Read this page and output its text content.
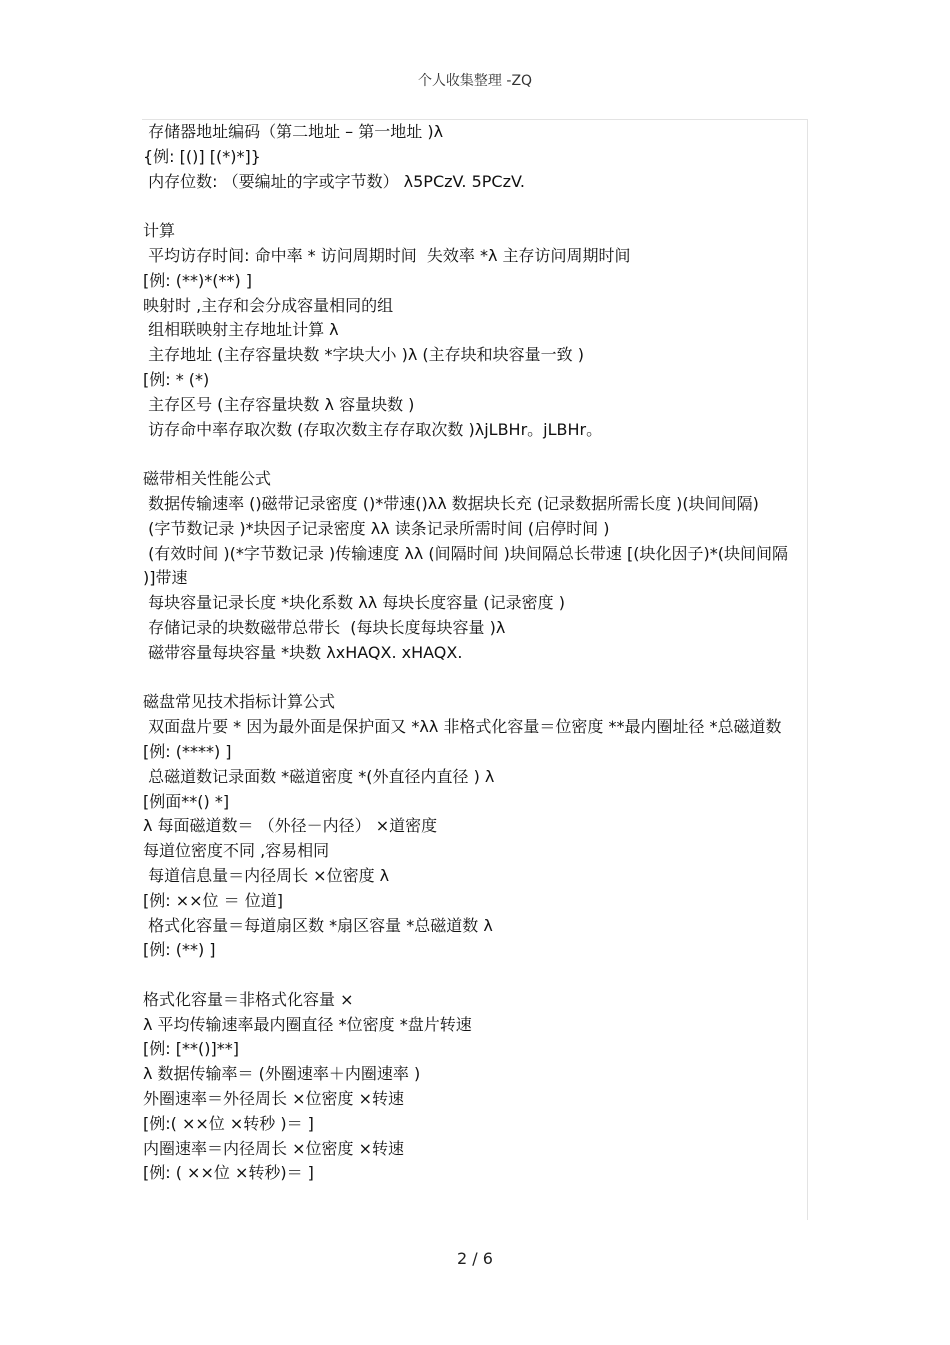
个人收集整理 -ZQ
存储器地址编码（第二地址 – 第一地址 )λ
{例: [()] [(*)*]}
内存位数: （要编址的字或字节数） λ5PCzV. 5PCzV.
计算
平均访存时间: 命中率 * 访问周期时间  失效率 *λ 主存访问周期时间
[例: (**)*(**) ]
映射时 ,主存和会分成容量相同的组
组相联映射主存地址计算 λ
主存地址 (主存容量块数 *字块大小 )λ (主存块和块容量一致 )
[例: * (*)
主存区号 (主存容量块数 λ 容量块数 )
访存命中率存取次数 (存取次数主存存取次数 )λjLBHr。jLBHr。
磁带相关性能公式
数据传输速率 ()磁带记录密度 ()*带速()λλ 数据块长充 (记录数据所需长度 )(块间间隔)
(字节数记录 )*块因子记录密度 λλ 读条记录所需时间 (启停时间 )
(有效时间 )(*字节数记录 )传输速度 λλ (间隔时间 )块间隔总长带速 [(块化因子)*(块间间隔 )]带速
每块容量记录长度 *块化系数 λλ 每块长度容量 (记录密度 )
存储记录的块数磁带总带长  (每块长度每块容量 )λ
磁带容量每块容量 *块数 λxHAQX. xHAQX.
磁盘常见技术指标计算公式
双面盘片要 * 因为最外面是保护面又 *λλ 非格式化容量＝位密度 **最内圈址径 *总磁道数
[例: (****) ]
总磁道数记录面数 *磁道密度 *(外直径内直径 ) λ
[例面**() *]
λ 每面磁道数＝ （外径－内径） ×道密度
每道位密度不同 ,容易相同
每道信息量＝内径周长 ×位密度 λ
[例: ××位 ＝ 位道]
格式化容量＝每道扇区数 *扇区容量 *总磁道数 λ
[例: (**) ]
格式化容量＝非格式化容量 ×
λ 平均传输速率最内圈直径 *位密度 *盘片转速
[例: [**()]**]
λ 数据传输率＝ (外圈速率＋内圈速率 )
外圈速率＝外径周长 ×位密度 ×转速
[例:( ××位 ×转秒 )＝ ]
内圈速率＝内径周长 ×位密度 ×转速
[例: ( ××位 ×转秒)＝ ]
2 / 6
